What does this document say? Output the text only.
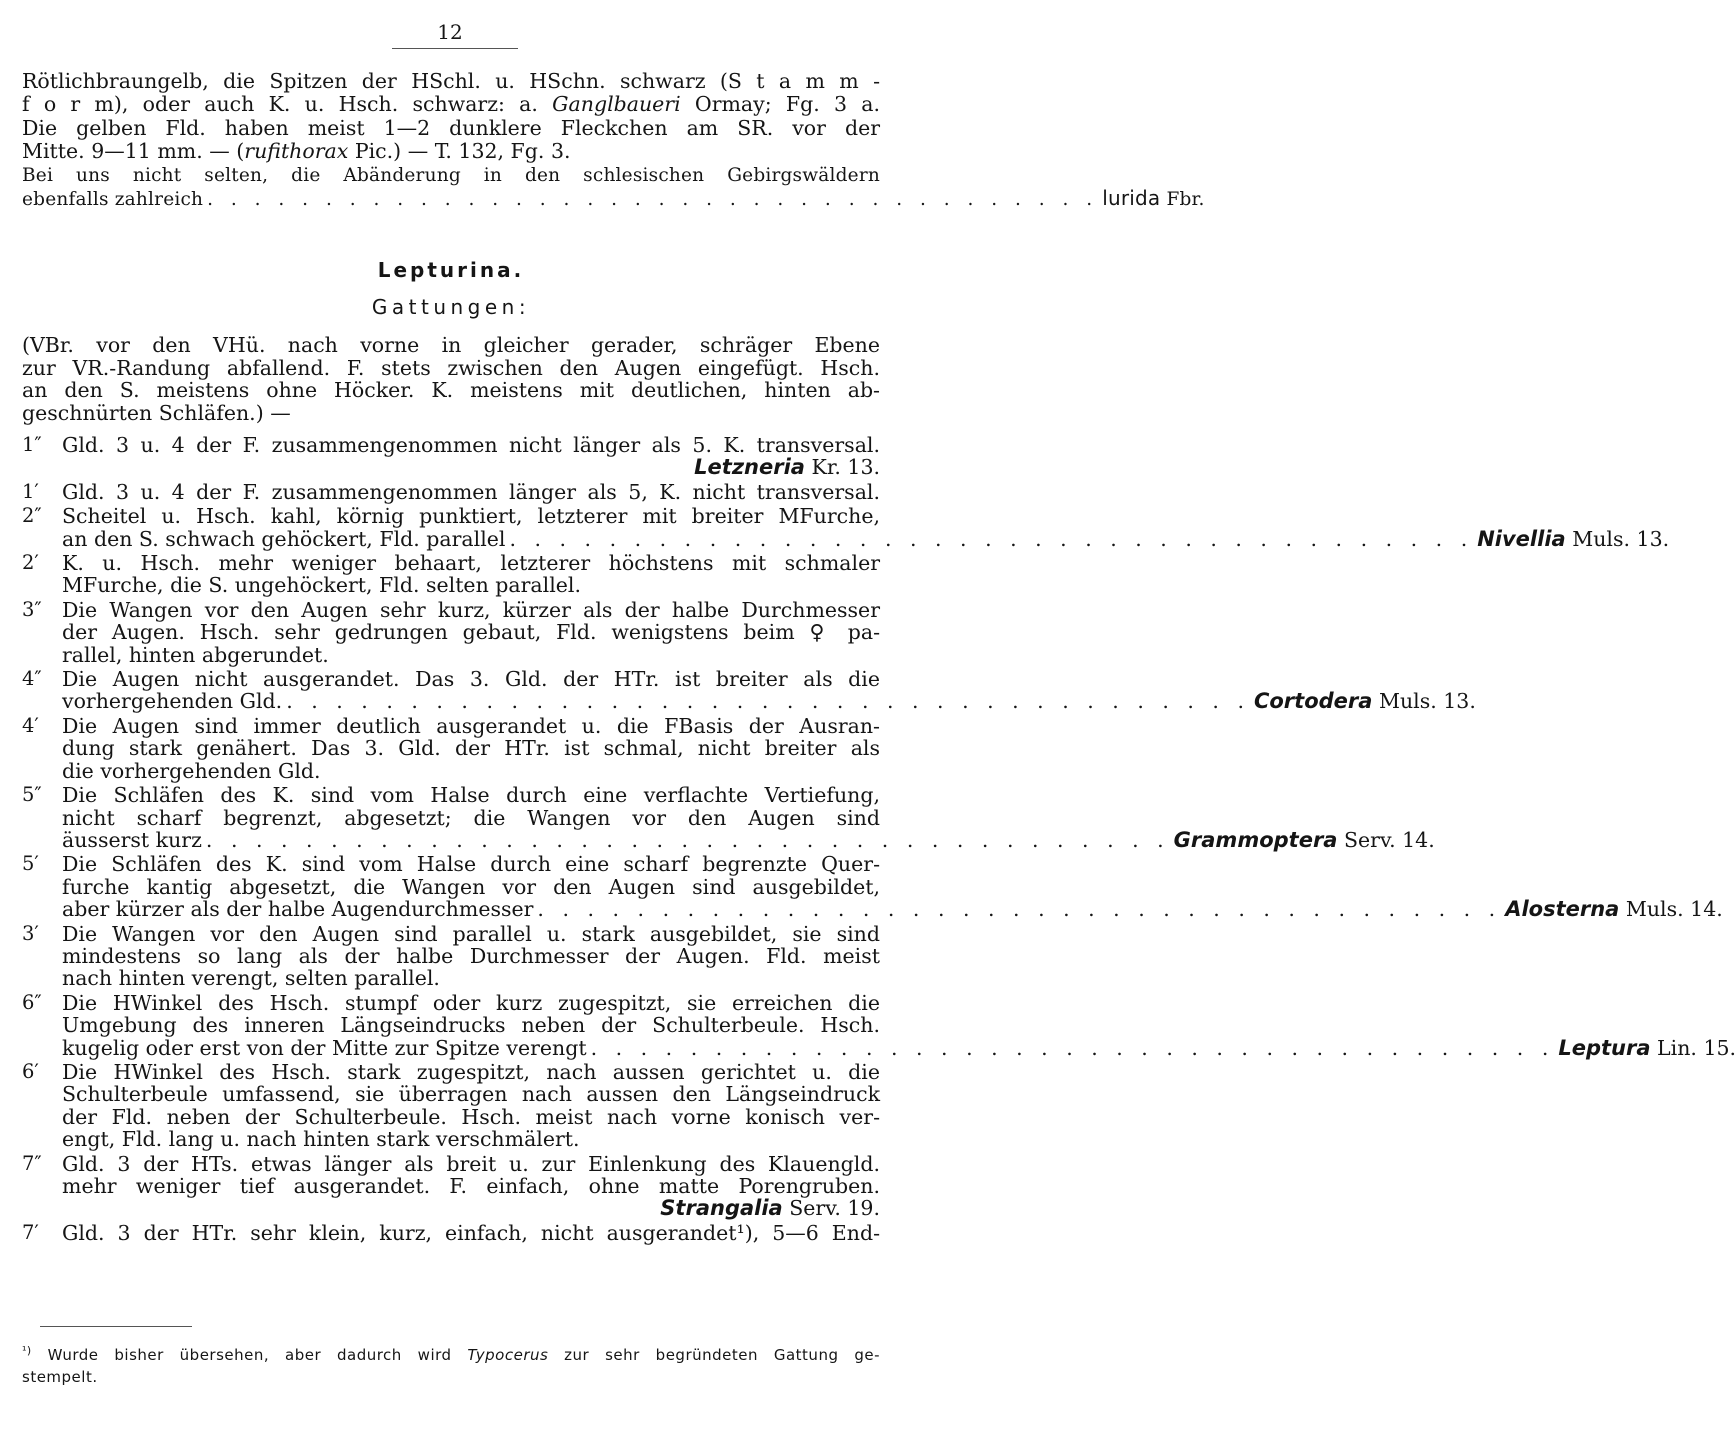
12
Rötlichbraungelb, die Spitzen der HSchl. u. HSchn. schwarz (S t a m m -
f o r m), oder auch K. u. Hsch. schwarz: a. Ganglbaueri Ormay; Fg. 3 a.
Die gelben Fld. haben meist 1—2 dunklere Fleckchen am SR. vor der
Mitte. 9—11 mm. — (rufithorax Pic.) — T. 132, Fg. 3.
Bei uns nicht selten, die Abänderung in den schlesischen Gebirgswäldern
ebenfalls zahlreich . . . . . . . . . . . . . . . . . . . . . . . . . . . . . . . . . . . . . . lurida Fbr.
Lepturina.
Gattungen:
(VBr. vor den VHü. nach vorne in gleicher gerader, schräger Ebene
zur VR.-Randung abfallend. F. stets zwischen den Augen eingefügt. Hsch.
an den S. meistens ohne Höcker. K. meistens mit deutlichen, hinten ab-
geschnürten Schläfen.) —
1″ Gld. 3 u. 4 der F. zusammengenommen nicht länger als 5. K. transversal.
Letzneria Kr. 13.
1′	Gld. 3 u. 4 der F. zusammengenommen länger als 5, K. nicht transversal.
2″ Scheitel u. Hsch. kahl, körnig punktiert, letzterer mit breiter MFurche,
an den S. schwach gehöckert, Fld. parallel . . . . . . . . . . . . . . . . . . . . . . . . . . . . . . . . . . . . . . . Nivellia Muls. 13.
2′	K. u. Hsch. mehr weniger behaart, letzterer höchstens mit schmaler
MFurche, die S. ungehöckert, Fld. selten parallel.
3″ Die Wangen vor den Augen sehr kurz, kürzer als der halbe Durchmesser
der Augen. Hsch. sehr gedrungen gebaut, Fld. wenigstens beim ♀ pa-
rallel, hinten abgerundet.
4″ Die Augen nicht ausgerandet. Das 3. Gld. der HTr. ist breiter als die
vorhergehenden Gld. . . . . . . . . . . . . . . . . . . . . . . . . . . . . . . . . . . . . . . . Cortodera Muls. 13.
4′	Die Augen sind immer deutlich ausgerandet u. die FBasis der Ausran-
dung stark genähert. Das 3. Gld. der HTr. ist schmal, nicht breiter als
die vorhergehenden Gld.
5″ Die Schläfen des K. sind vom Halse durch eine verflachte Vertiefung,
nicht scharf begrenzt, abgesetzt; die Wangen vor den Augen sind
äusserst kurz . . . . . . . . . . . . . . . . . . . . . . . . . . . . . . . . . . . . . . . Grammoptera Serv. 14.
5′	Die Schläfen des K. sind vom Halse durch eine scharf begrenzte Quer-
furche kantig abgesetzt, die Wangen vor den Augen sind ausgebildet,
aber kürzer als der halbe Augendurchmesser . . . . . . . . . . . . . . . . . . . . . . . . . . . . . . . . . . . . . . . Alosterna Muls. 14.
3′	Die Wangen vor den Augen sind parallel u. stark ausgebildet, sie sind
mindestens so lang als der halbe Durchmesser der Augen. Fld. meist
nach hinten verengt, selten parallel.
6″ Die HWinkel des Hsch. stumpf oder kurz zugespitzt, sie erreichen die
Umgebung des inneren Längseindrucks neben der Schulterbeule. Hsch.
kugelig oder erst von der Mitte zur Spitze verengt . . . . . . . . . . . . . . . . . . . . . . . . . . . . . . . . . . . . . . . Leptura Lin. 15.
6′	Die HWinkel des Hsch. stark zugespitzt, nach aussen gerichtet u. die
Schulterbeule umfassend, sie überragen nach aussen den Längseindruck
der Fld. neben der Schulterbeule. Hsch. meist nach vorne konisch ver-
engt, Fld. lang u. nach hinten stark verschmälert.
7″ Gld. 3 der HTs. etwas länger als breit u. zur Einlenkung des Klauengld.
mehr weniger tief ausgerandet. F. einfach, ohne matte Porengruben.
Strangalia Serv. 19.
7′	Gld. 3 der HTr. sehr klein, kurz, einfach, nicht ausgerandet¹), 5—6 End-
$^{^1)}$ Wurde bisher übersehen, aber dadurch wird Typocerus zur sehr begründeten Gattung ge-
stempelt.
